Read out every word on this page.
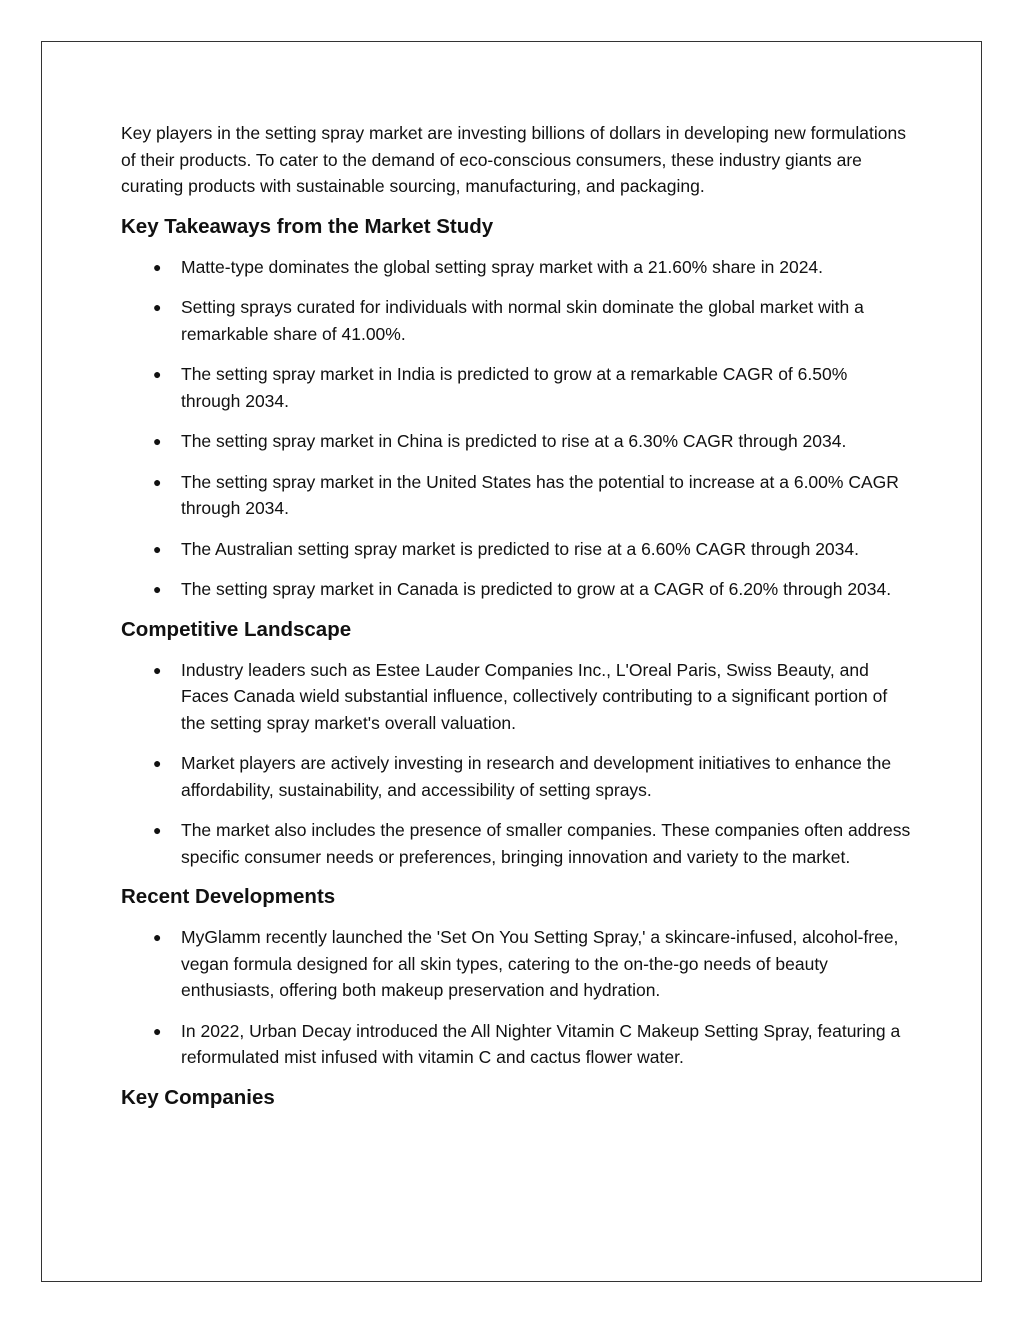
Key players in the setting spray market are investing billions of dollars in developing new formulations of their products. To cater to the demand of eco-conscious consumers, these industry giants are curating products with sustainable sourcing, manufacturing, and packaging.

Key Takeaways from the Market Study
● Matte-type dominates the global setting spray market with a 21.60% share in 2024.
● Setting sprays curated for individuals with normal skin dominate the global market with a remarkable share of 41.00%.
● The setting spray market in India is predicted to grow at a remarkable CAGR of 6.50% through 2034.
● The setting spray market in China is predicted to rise at a 6.30% CAGR through 2034.
● The setting spray market in the United States has the potential to increase at a 6.00% CAGR through 2034.
● The Australian setting spray market is predicted to rise at a 6.60% CAGR through 2034.
● The setting spray market in Canada is predicted to grow at a CAGR of 6.20% through 2034.
Competitive Landscape
● Industry leaders such as Estee Lauder Companies Inc., L'Oreal Paris, Swiss Beauty, and Faces Canada wield substantial influence, collectively contributing to a significant portion of the setting spray market's overall valuation.
● Market players are actively investing in research and development initiatives to enhance the affordability, sustainability, and accessibility of setting sprays.
● The market also includes the presence of smaller companies. These companies often address specific consumer needs or preferences, bringing innovation and variety to the market.
Recent Developments
● MyGlamm recently launched the 'Set On You Setting Spray,' a skincare-infused, alcohol-free, vegan formula designed for all skin types, catering to the on-the-go needs of beauty enthusiasts, offering both makeup preservation and hydration.
● In 2022, Urban Decay introduced the All Nighter Vitamin C Makeup Setting Spray, featuring a reformulated mist infused with vitamin C and cactus flower water.
Key Companies
